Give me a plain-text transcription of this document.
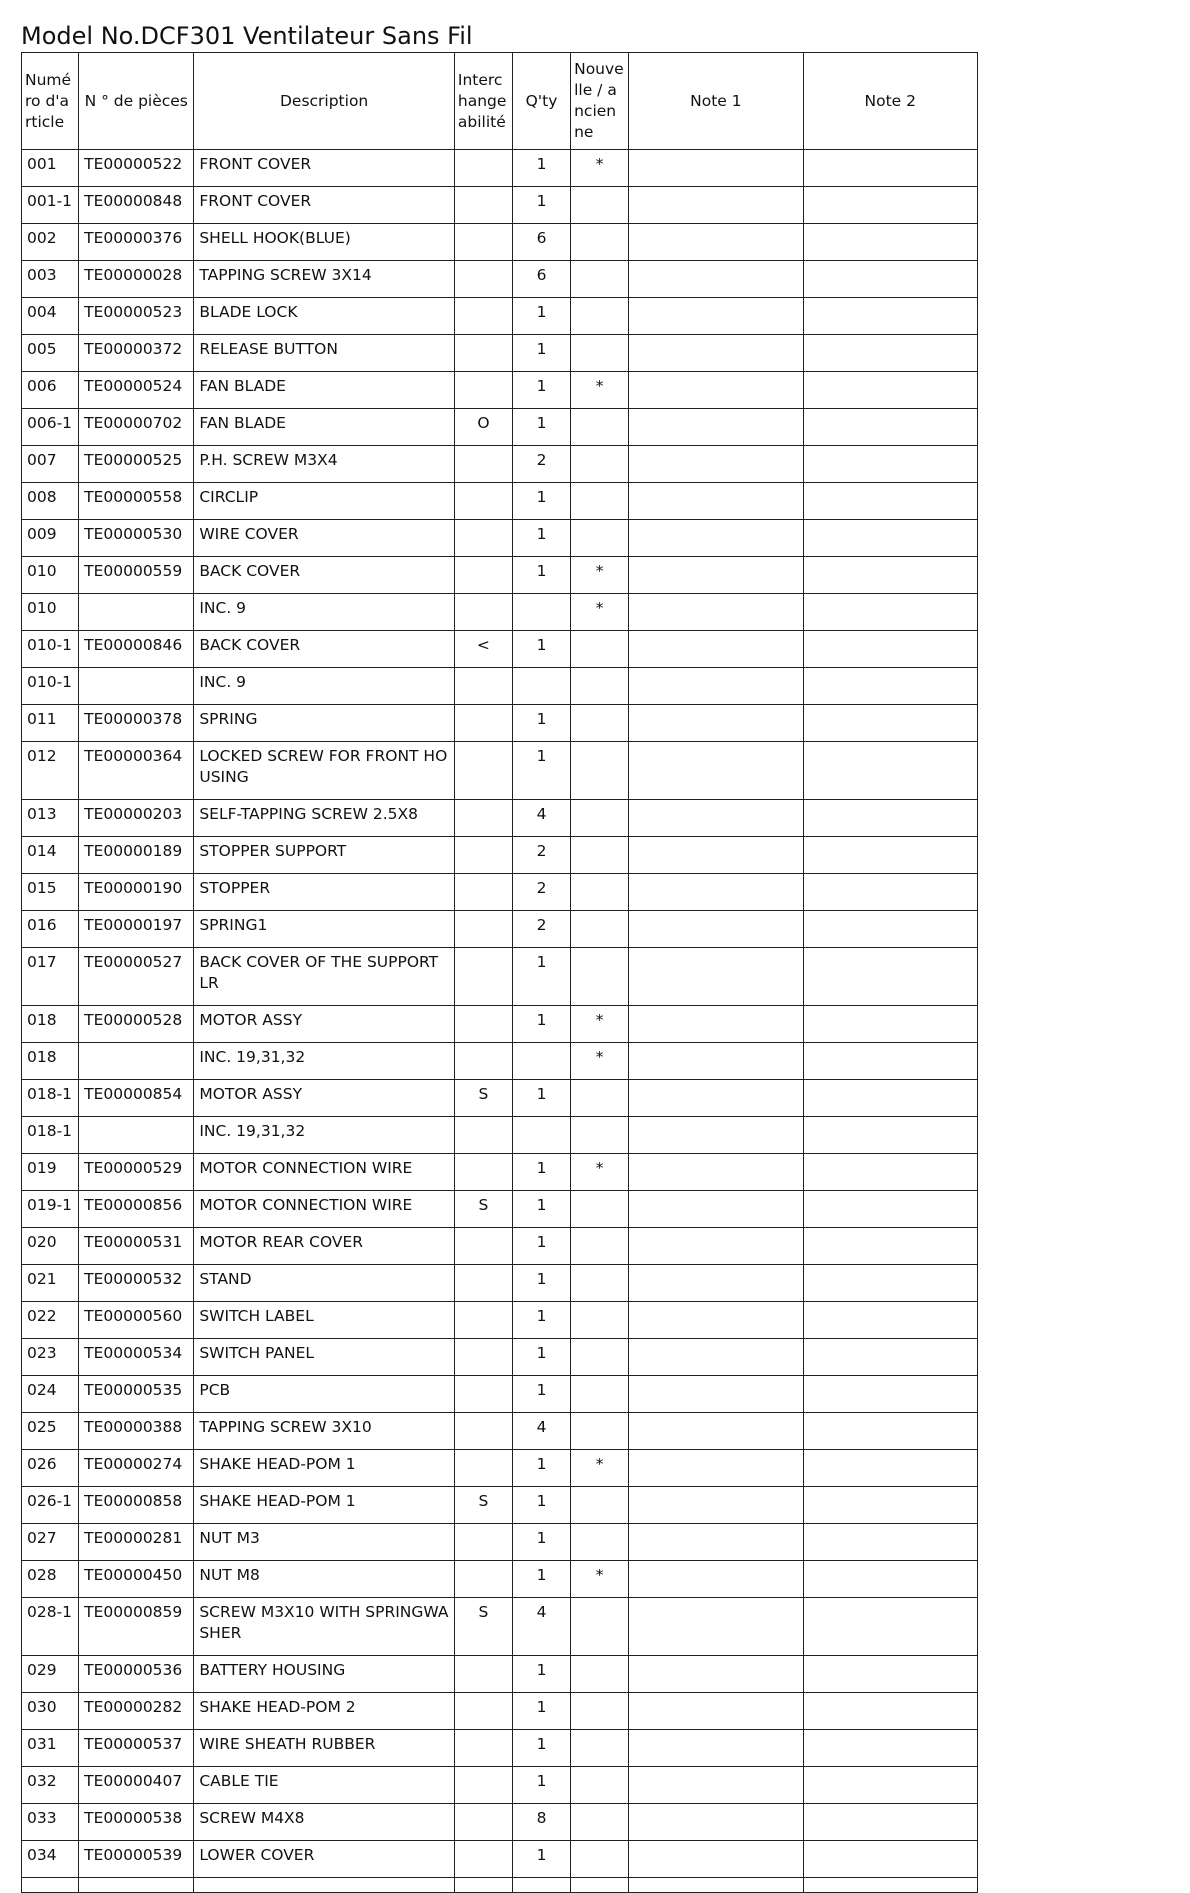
Model No.DCF301 Ventilateur Sans Fil
Numéro d'article	N ° de pièces	Description	Interchangeabilité	Q'ty	Nouvelle / ancienne	Note 1	Note 2
001	TE00000522	FRONT COVER		1	*		
001-1	TE00000848	FRONT COVER		1			
002	TE00000376	SHELL HOOK(BLUE)		6			
003	TE00000028	TAPPING SCREW 3X14		6			
004	TE00000523	BLADE LOCK		1			
005	TE00000372	RELEASE BUTTON		1			
006	TE00000524	FAN BLADE		1	*		
006-1	TE00000702	FAN BLADE	O	1			
007	TE00000525	P.H. SCREW M3X4		2			
008	TE00000558	CIRCLIP		1			
009	TE00000530	WIRE COVER		1			
010	TE00000559	BACK COVER		1	*		
010		INC. 9			*		
010-1	TE00000846	BACK COVER	<	1			
010-1		INC. 9					
011	TE00000378	SPRING		1			
012	TE00000364	LOCKED SCREW FOR FRONT HOUSING		1			
013	TE00000203	SELF-TAPPING SCREW 2.5X8		4			
014	TE00000189	STOPPER SUPPORT		2			
015	TE00000190	STOPPER		2			
016	TE00000197	SPRING1		2			
017	TE00000527	BACK COVER OF THE SUPPORT LR		1			
018	TE00000528	MOTOR ASSY		1	*		
018		INC. 19,31,32			*		
018-1	TE00000854	MOTOR ASSY	S	1			
018-1		INC. 19,31,32					
019	TE00000529	MOTOR CONNECTION WIRE		1	*		
019-1	TE00000856	MOTOR CONNECTION WIRE	S	1			
020	TE00000531	MOTOR REAR COVER		1			
021	TE00000532	STAND		1			
022	TE00000560	SWITCH LABEL		1			
023	TE00000534	SWITCH PANEL		1			
024	TE00000535	PCB		1			
025	TE00000388	TAPPING SCREW 3X10		4			
026	TE00000274	SHAKE HEAD-POM 1		1	*		
026-1	TE00000858	SHAKE HEAD-POM 1	S	1			
027	TE00000281	NUT M3		1			
028	TE00000450	NUT M8		1	*		
028-1	TE00000859	SCREW M3X10 WITH SPRINGWASHER	S	4			
029	TE00000536	BATTERY HOUSING		1			
030	TE00000282	SHAKE HEAD-POM 2		1			
031	TE00000537	WIRE SHEATH RUBBER		1			
032	TE00000407	CABLE TIE		1			
033	TE00000538	SCREW M4X8		8			
034	TE00000539	LOWER COVER		1			
